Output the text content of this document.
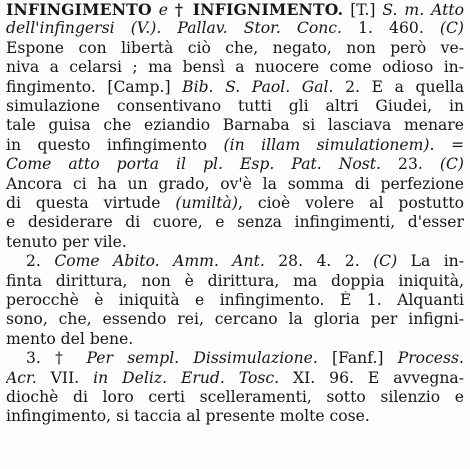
INFINGIMENTO e † INFIGNIMENTO. [T.] S. m. Atto
dell'infingersi (V.). Pallav. Stor. Conc. 1. 460. (C)
Espone con libertà ciò che, negato, non però ve-
niva a celarsi ; ma bensì a nuocere come odioso in-
fingimento. [Camp.] Bib. S. Paol. Gal. 2. E a quella
simulazione consentivano tutti gli altri Giudei, in
tale guisa che eziandio Barnaba si lasciava menare
in questo infingimento (in illam simulationem). =
Come atto porta il pl. Esp. Pat. Nost. 23. (C)
Ancora ci ha un grado, ov'è la somma di perfezione
di questa virtude (umiltà), cioè volere al postutto
e desiderare di cuore, e senza infingimenti, d'esser
tenuto per vile.
2. Come Abito. Amm. Ant. 28. 4. 2. (C) La in-
finta dirittura, non è dirittura, ma doppia iniquità,
perocchè è iniquità e infingimento. È 1. Alquanti
sono, che, essendo rei, cercano la gloria per infigni-
mento del bene.
3. † Per sempl. Dissimulazione. [Fanf.] Process.
Acr. VII. in Deliz. Erud. Tosc. XI. 96. E avvegna-
diochè di loro certi scelleramenti, sotto silenzio e
infingimento, si taccia al presente molte cose.
